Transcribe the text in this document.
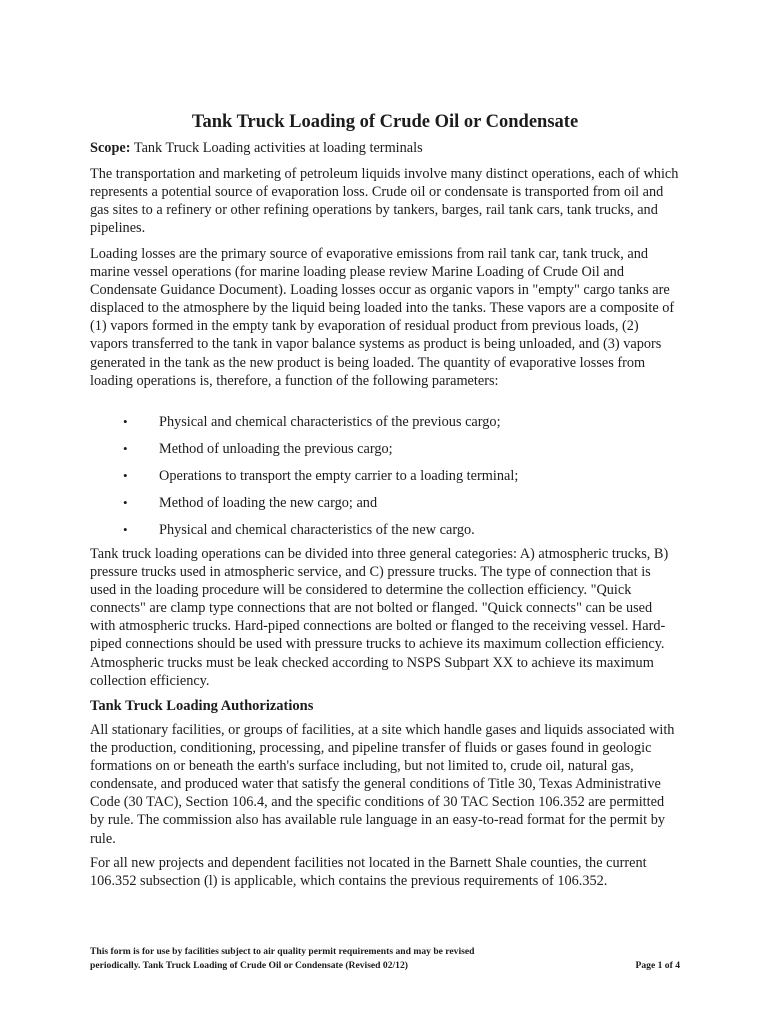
Tank Truck Loading of Crude Oil or Condensate

Scope: Tank Truck Loading activities at loading terminals

The transportation and marketing of petroleum liquids involve many distinct operations, each of which represents a potential source of evaporation loss. Crude oil or condensate is transported from oil and gas sites to a refinery or other refining operations by tankers, barges, rail tank cars, tank trucks, and pipelines.

Loading losses are the primary source of evaporative emissions from rail tank car, tank truck, and marine vessel operations (for marine loading please review Marine Loading of Crude Oil and Condensate Guidance Document). Loading losses occur as organic vapors in "empty" cargo tanks are displaced to the atmosphere by the liquid being loaded into the tanks. These vapors are a composite of (1) vapors formed in the empty tank by evaporation of residual product from previous loads, (2) vapors transferred to the tank in vapor balance systems as product is being unloaded, and (3) vapors generated in the tank as the new product is being loaded. The quantity of evaporative losses from loading operations is, therefore, a function of the following parameters:

• Physical and chemical characteristics of the previous cargo;
• Method of unloading the previous cargo;
• Operations to transport the empty carrier to a loading terminal;
• Method of loading the new cargo; and
• Physical and chemical characteristics of the new cargo.

Tank truck loading operations can be divided into three general categories: A) atmospheric trucks, B) pressure trucks used in atmospheric service, and C) pressure trucks. The type of connection that is used in the loading procedure will be considered to determine the collection efficiency. "Quick connects" are clamp type connections that are not bolted or flanged. "Quick connects" can be used with atmospheric trucks. Hard-piped connections are bolted or flanged to the receiving vessel. Hard-piped connections should be used with pressure trucks to achieve its maximum collection efficiency. Atmospheric trucks must be leak checked according to NSPS Subpart XX to achieve its maximum collection efficiency.

Tank Truck Loading Authorizations

All stationary facilities, or groups of facilities, at a site which handle gases and liquids associated with the production, conditioning, processing, and pipeline transfer of fluids or gases found in geologic formations on or beneath the earth's surface including, but not limited to, crude oil, natural gas, condensate, and produced water that satisfy the general conditions of Title 30, Texas Administrative Code (30 TAC), Section 106.4, and the specific conditions of 30 TAC Section 106.352 are permitted by rule. The commission also has available rule language in an easy-to-read format for the permit by rule.

For all new projects and dependent facilities not located in the Barnett Shale counties, the current 106.352 subsection (l) is applicable, which contains the previous requirements of 106.352.

This form is for use by facilities subject to air quality permit requirements and may be revised periodically. Tank Truck Loading of Crude Oil or Condensate (Revised 02/12)	Page 1 of 4
